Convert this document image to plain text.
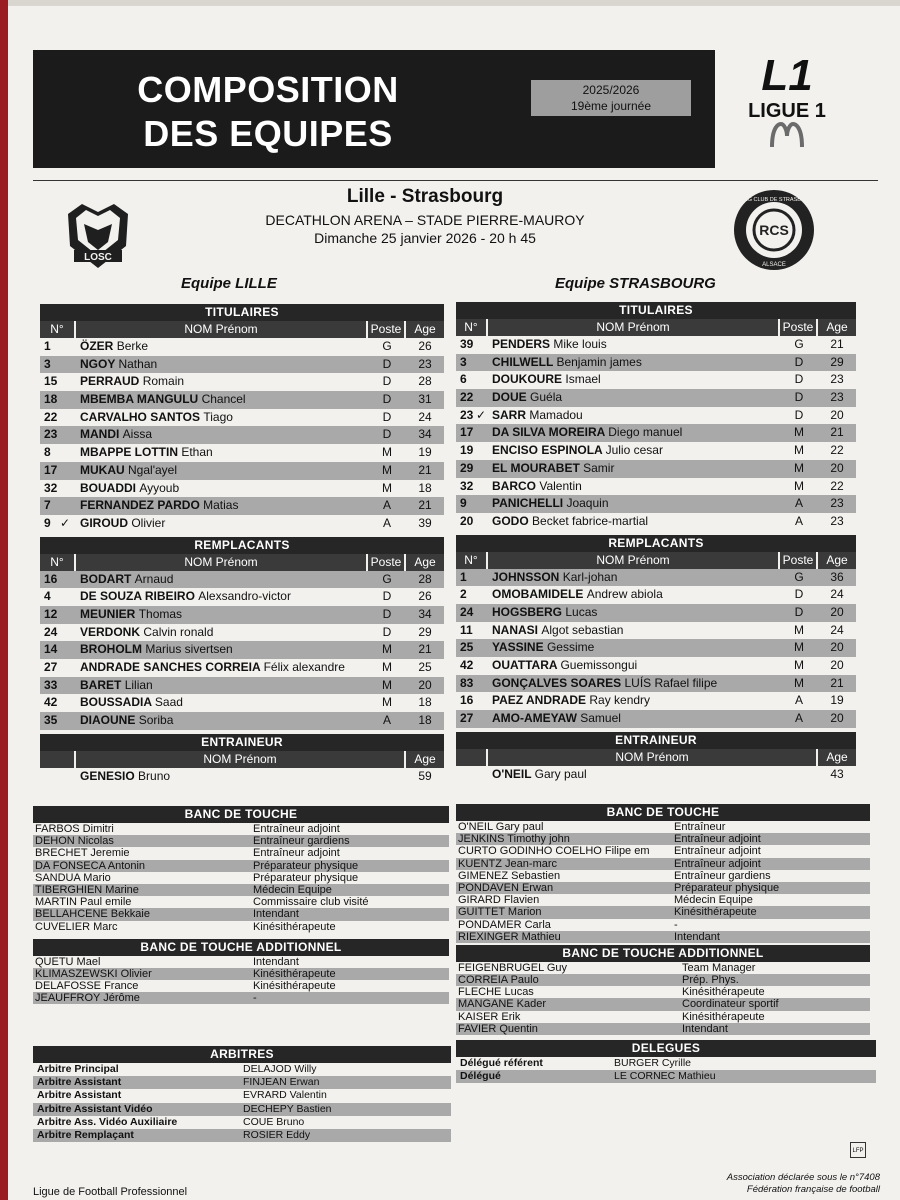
COMPOSITION
DES EQUIPES
2025/2026
19ème journée
L1
LIGUE 1
Lille - Strasbourg
DECATHLON ARENA – STADE PIERRE-MAUROY
Dimanche 25 janvier 2026 - 20 h 45
LOSC
RCS
RACING CLUB DE STRASBOURG
ALSACE
Equipe LILLE	Equipe STRASBOURG
TITULAIRES
N°	NOM Prénom	Poste	Age
1	ÖZER Berke	G	26
3	NGOY Nathan	D	23
15	PERRAUD Romain	D	28
18	MBEMBA MANGULU Chancel	D	31
22	CARVALHO SANTOS Tiago	D	24
23	MANDI Aissa	D	34
8	MBAPPE LOTTIN Ethan	M	19
17	MUKAU Ngal'ayel	M	21
32	BOUADDI Ayyoub	M	18
7	FERNANDEZ PARDO Matias	A	21
9 ✓ GIROUD Olivier	A	39
REMPLACANTS
N°	NOM Prénom	Poste	Age
16	BODART Arnaud	G	28
4	DE SOUZA RIBEIRO Alexsandro-victor	D	26
12	MEUNIER Thomas	D	34
24	VERDONK Calvin ronald	D	29
14	BROHOLM Marius sivertsen	M	21
27	ANDRADE SANCHES CORREIA Félix alexandre	M	25
33	BARET Lilian	M	20
42	BOUSSADIA Saad	M	18
35	DIAOUNE Soriba	A	18
ENTRAINEUR
NOM Prénom	Age
GENESIO Bruno	59
TITULAIRES
N°	NOM Prénom	Poste	Age
39	PENDERS Mike louis	G	21
3	CHILWELL Benjamin james	D	29
6	DOUKOURE Ismael	D	23
22	DOUE Guéla	D	23
23 ✓ SARR Mamadou	D	20
17	DA SILVA MOREIRA Diego manuel	M	21
19	ENCISO ESPINOLA Julio cesar	M	22
29	EL MOURABET Samir	M	20
32	BARCO Valentin	M	22
9	PANICHELLI Joaquin	A	23
20	GODO Becket fabrice-martial	A	23
REMPLACANTS
N°	NOM Prénom	Poste	Age
1	JOHNSSON Karl-johan	G	36
2	OMOBAMIDELE Andrew abiola	D	24
24	HOGSBERG Lucas	D	20
11	NANASI Algot sebastian	M	24
25	YASSINE Gessime	M	20
42	OUATTARA Guemissongui	M	20
83	GONÇALVES SOARES LUÍS Rafael filipe	M	21
16	PAEZ ANDRADE Ray kendry	A	19
27	AMO-AMEYAW Samuel	A	20
ENTRAINEUR
NOM Prénom	Age
O'NEIL Gary paul	43
BANC DE TOUCHE
FARBOS Dimitri	Entraîneur adjoint
DEHON Nicolas	Entraîneur gardiens
BRECHET Jeremie	Entraîneur adjoint
DA FONSECA Antonin	Préparateur physique
SANDUA Mario	Préparateur physique
TIBERGHIEN Marine	Médecin Equipe
MARTIN Paul emile	Commissaire club visité
BELLAHCENE Bekkaie	Intendant
CUVELIER Marc	Kinésithérapeute
BANC DE TOUCHE ADDITIONNEL
QUETU Mael	Intendant
KLIMASZEWSKI Olivier	Kinésithérapeute
DELAFOSSE France	Kinésithérapeute
JEAUFFROY Jérôme	-
BANC DE TOUCHE
O'NEIL Gary paul	Entraîneur
JENKINS Timothy john	Entraîneur adjoint
CURTO GODINHO COELHO Filipe em	Entraîneur adjoint
KUENTZ Jean-marc	Entraîneur adjoint
GIMENEZ Sebastien	Entraîneur gardiens
PONDAVEN Erwan	Préparateur physique
GIRARD Flavien	Médecin Equipe
GUITTET Marion	Kinésithérapeute
PONDAMER Carla	-
RIEXINGER Mathieu	Intendant
BANC DE TOUCHE ADDITIONNEL
FEIGENBRUGEL Guy	Team Manager
CORREIA Paulo	Prép. Phys.
FLECHE Lucas	Kinésithérapeute
MANGANE Kader	Coordinateur sportif
KAISER Erik	Kinésithérapeute
FAVIER Quentin	Intendant
ARBITRES
Arbitre Principal	DELAJOD Willy
Arbitre Assistant	FINJEAN Erwan
Arbitre Assistant	EVRARD Valentin
Arbitre Assistant Vidéo	DECHEPY Bastien
Arbitre Ass. Vidéo Auxiliaire	COUE Bruno
Arbitre Remplaçant	ROSIER Eddy
DELEGUES
Délégué référent	BURGER Cyrille
Délégué	LE CORNEC Mathieu
Ligue de Football Professionnel
LFP
Association déclarée sous le n°7408
Fédération française de football
